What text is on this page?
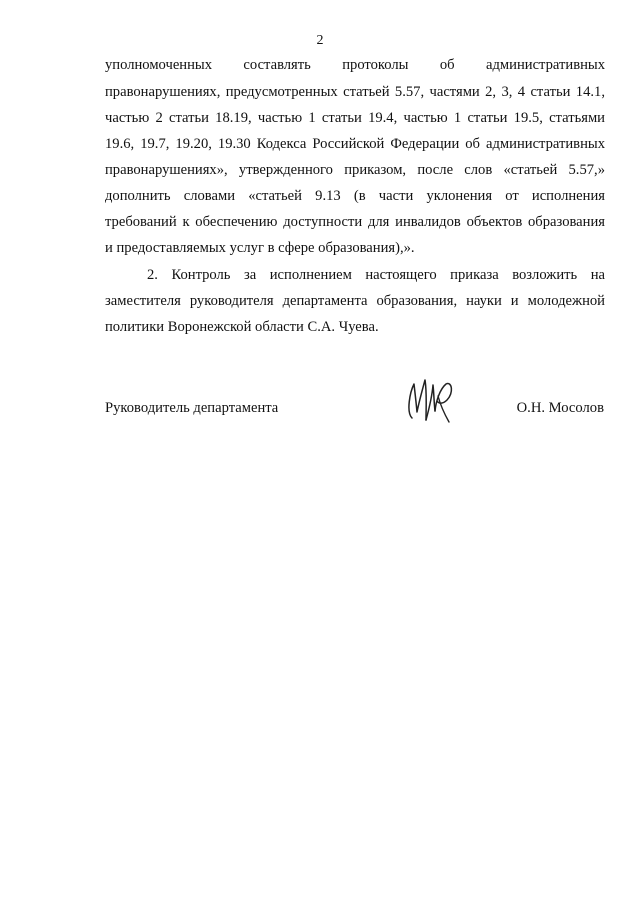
2
уполномоченных составлять протоколы об административных
правонарушениях, предусмотренных статьей 5.57, частями 2, 3, 4 статьи 14.1,
частью 2 статьи 18.19, частью 1 статьи 19.4, частью 1 статьи 19.5, статьями
19.6, 19.7, 19.20, 19.30 Кодекса Российской Федерации об административных
правонарушениях», утвержденного приказом, после слов «статьей 5.57,»
дополнить словами «статьей 9.13 (в части уклонения от исполнения
требований к обеспечению доступности для инвалидов объектов образования
и предоставляемых услуг в сфере образования),».
2. Контроль за исполнением настоящего приказа возложить на
заместителя руководителя департамента образования, науки и молодежной
политики Воронежской области С.А. Чуева.
Руководитель департамента	О.Н. Мосолов
